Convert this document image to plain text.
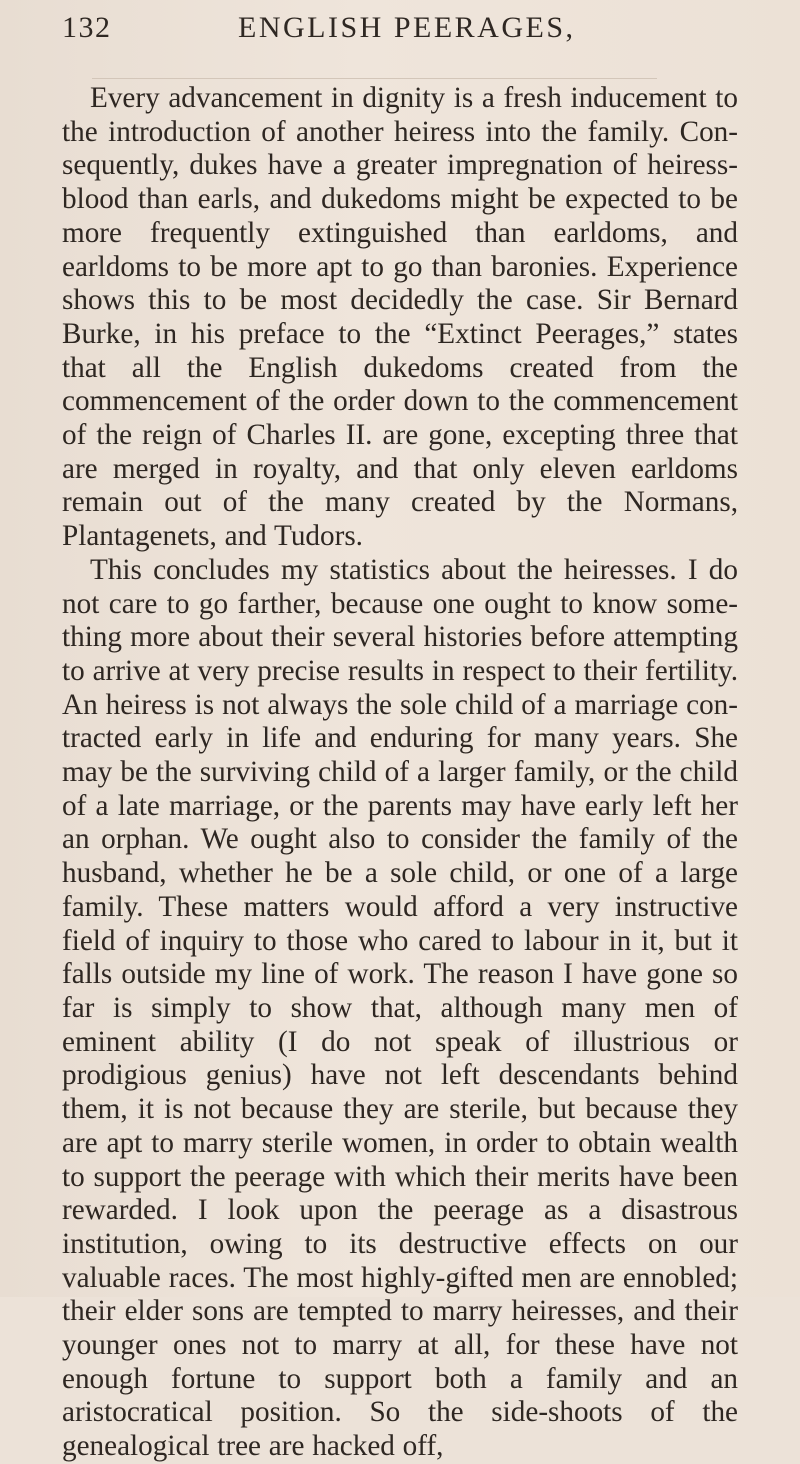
132	ENGLISH PEERAGES,

Every advancement in dignity is a fresh inducement to the introduction of another heiress into the family. Con-sequently, dukes have a greater impregnation of heiress-blood than earls, and dukedoms might be expected to be more frequently extinguished than earldoms, and earldoms to be more apt to go than baronies. Experience shows this to be most decidedly the case. Sir Bernard Burke, in his preface to the “Extinct Peerages,” states that all the English dukedoms created from the commencement of the order down to the commencement of the reign of Charles II. are gone, excepting three that are merged in royalty, and that only eleven earldoms remain out of the many created by the Normans, Plantagenets, and Tudors.

This concludes my statistics about the heiresses. I do not care to go farther, because one ought to know some-thing more about their several histories before attempting to arrive at very precise results in respect to their fertility. An heiress is not always the sole child of a marriage con-tracted early in life and enduring for many years. She may be the surviving child of a larger family, or the child of a late marriage, or the parents may have early left her an orphan. We ought also to consider the family of the husband, whether he be a sole child, or one of a large family. These matters would afford a very instructive field of inquiry to those who cared to labour in it, but it falls outside my line of work. The reason I have gone so far is simply to show that, although many men of eminent ability (I do not speak of illustrious or prodigious genius) have not left descendants behind them, it is not because they are sterile, but because they are apt to marry sterile women, in order to obtain wealth to support the peerage with which their merits have been rewarded. I look upon the peerage as a disastrous institution, owing to its destructive effects on our valuable races. The most highly-gifted men are ennobled; their elder sons are tempted to marry heiresses, and their younger ones not to marry at all, for these have not enough fortune to support both a family and an aristocratical position. So the side-shoots of the genealogical tree are hacked off,
